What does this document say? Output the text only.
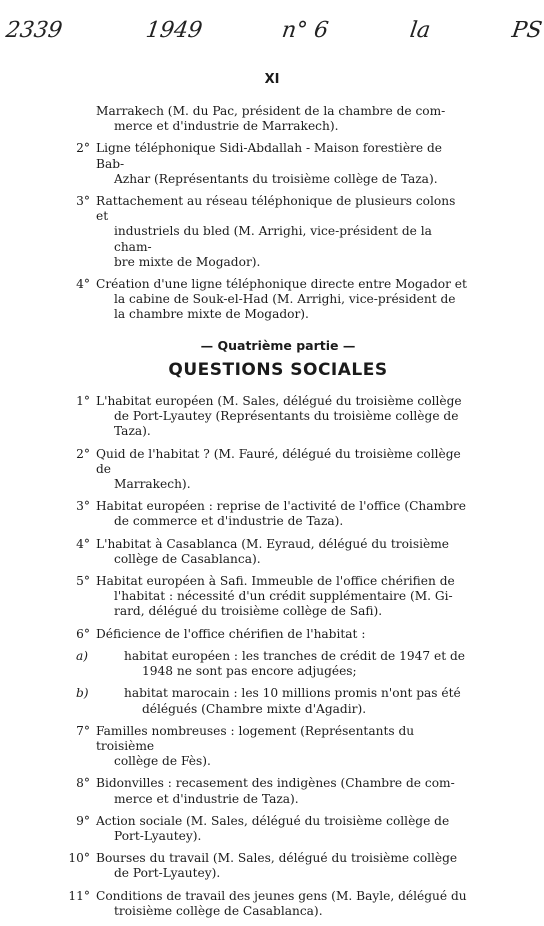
2339	1949	n° 6	la	PS
XI
Marrakech (M. du Pac, président de la chambre de com-
merce et d'industrie de Marrakech).
2° Ligne téléphonique Sidi-Abdallah - Maison forestière de Bab-
Azhar (Représentants du troisième collège de Taza).
3° Rattachement au réseau téléphonique de plusieurs colons et
industriels du bled (M. Arrighi, vice-président de la cham-
bre mixte de Mogador).
4° Création d'une ligne téléphonique directe entre Mogador et
la cabine de Souk-el-Had (M. Arrighi, vice-président de
la chambre mixte de Mogador).
— Quatrième partie —
QUESTIONS SOCIALES
1° L'habitat européen (M. Sales, délégué du troisième collège
de Port-Lyautey (Représentants du troisième collège de
Taza).
2° Quid de l'habitat ? (M. Fauré, délégué du troisième collège de
Marrakech).
3° Habitat européen : reprise de l'activité de l'office (Chambre
de commerce et d'industrie de Taza).
4° L'habitat à Casablanca (M. Eyraud, délégué du troisième
collège de Casablanca).
5° Habitat européen à Safi. Immeuble de l'office chérifien de
l'habitat : nécessité d'un crédit supplémentaire (M. Gi-
rard, délégué du troisième collège de Safi).
6° Déficience de l'office chérifien de l'habitat :
a)	habitat européen : les tranches de crédit de 1947 et de
1948 ne sont pas encore adjugées;
b)	habitat marocain : les 10 millions promis n'ont pas été
délégués (Chambre mixte d'Agadir).
7° Familles nombreuses : logement (Représentants du troisième
collège de Fès).
8° Bidonvilles : recasement des indigènes (Chambre de com-
merce et d'industrie de Taza).
9° Action sociale (M. Sales, délégué du troisième collège de
Port-Lyautey).
10° Bourses du travail (M. Sales, délégué du troisième collège
de Port-Lyautey).
11° Conditions de travail des jeunes gens (M. Bayle, délégué du
troisième collège de Casablanca).
